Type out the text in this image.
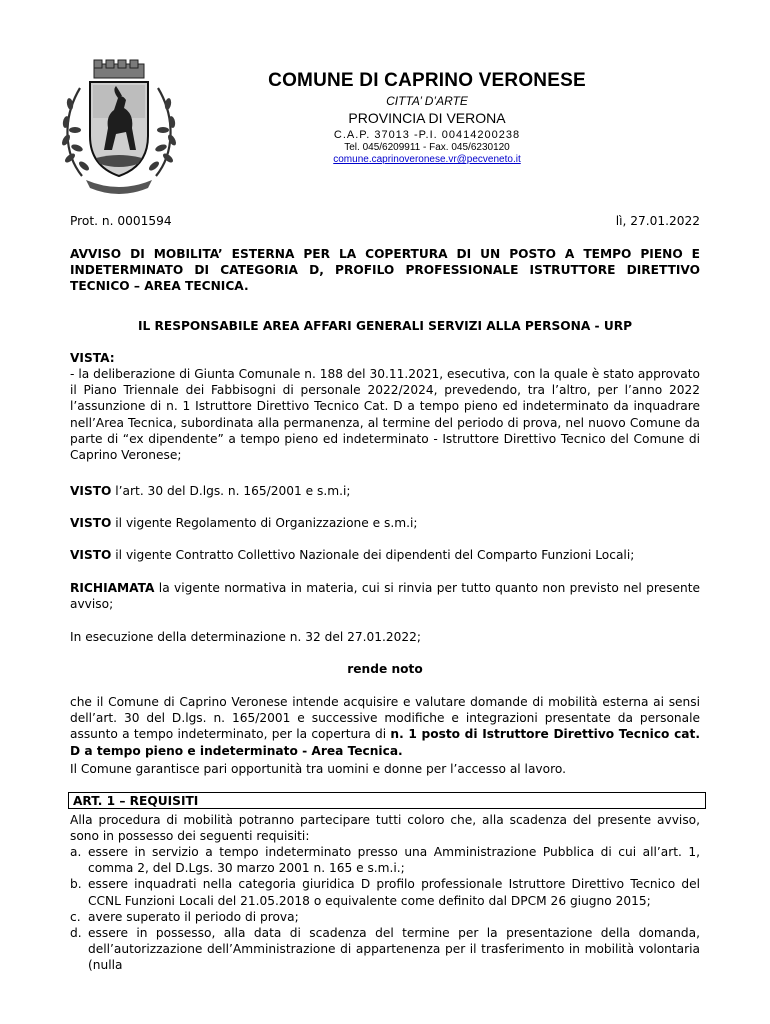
COMUNE DI CAPRINO VERONESE
CITTA’ D’ARTE
PROVINCIA DI VERONA
C.A.P. 37013 -P.I. 00414200238
Tel. 045/6209911 - Fax. 045/6230120
comune.caprinoveronese.vr@pecveneto.it
Prot. n. 0001594	lì, 27.01.2022
AVVISO DI MOBILITA’ ESTERNA PER LA COPERTURA DI UN POSTO A TEMPO PIENO E INDETERMINATO DI CATEGORIA D, PROFILO PROFESSIONALE ISTRUTTORE DIRETTIVO TECNICO – AREA TECNICA.
IL RESPONSABILE AREA AFFARI GENERALI SERVIZI ALLA PERSONA - URP
VISTA:
- la deliberazione di Giunta Comunale n. 188 del 30.11.2021, esecutiva, con la quale è stato approvato il Piano Triennale dei Fabbisogni di personale 2022/2024, prevedendo, tra l’altro, per l’anno 2022 l’assunzione di n. 1 Istruttore Direttivo Tecnico Cat. D a tempo pieno ed indeterminato da inquadrare nell’Area Tecnica, subordinata alla permanenza, al termine del periodo di prova, nel nuovo Comune da parte di “ex dipendente” a tempo pieno ed indeterminato - Istruttore Direttivo Tecnico del Comune di Caprino Veronese;
VISTO l’art. 30 del D.lgs. n. 165/2001 e s.m.i;
VISTO il vigente Regolamento di Organizzazione e s.m.i;
VISTO il vigente Contratto Collettivo Nazionale dei dipendenti del Comparto Funzioni Locali;
RICHIAMATA la vigente normativa in materia, cui si rinvia per tutto quanto non previsto nel presente avviso;
In esecuzione della determinazione n. 32 del 27.01.2022;
rende noto
che il Comune di Caprino Veronese intende acquisire e valutare domande di mobilità esterna ai sensi dell’art. 30 del D.lgs. n. 165/2001 e successive modifiche e integrazioni presentate da personale assunto a tempo indeterminato, per la copertura di n. 1 posto di Istruttore Direttivo Tecnico cat. D a tempo pieno e indeterminato - Area Tecnica.
Il Comune garantisce pari opportunità tra uomini e donne per l’accesso al lavoro.
ART. 1 – REQUISITI
Alla procedura di mobilità potranno partecipare tutti coloro che, alla scadenza del presente avviso, sono in possesso dei seguenti requisiti:
a. essere in servizio a tempo indeterminato presso una Amministrazione Pubblica di cui all’art. 1, comma 2, del D.Lgs. 30 marzo 2001 n. 165 e s.m.i.;
b. essere inquadrati nella categoria giuridica D profilo professionale Istruttore Direttivo Tecnico del CCNL Funzioni Locali del 21.05.2018 o equivalente come definito dal DPCM 26 giugno 2015;
c. avere superato il periodo di prova;
d. essere in possesso, alla data di scadenza del termine per la presentazione della domanda, dell’autorizzazione dell’Amministrazione di appartenenza per il trasferimento in mobilità volontaria (nulla
